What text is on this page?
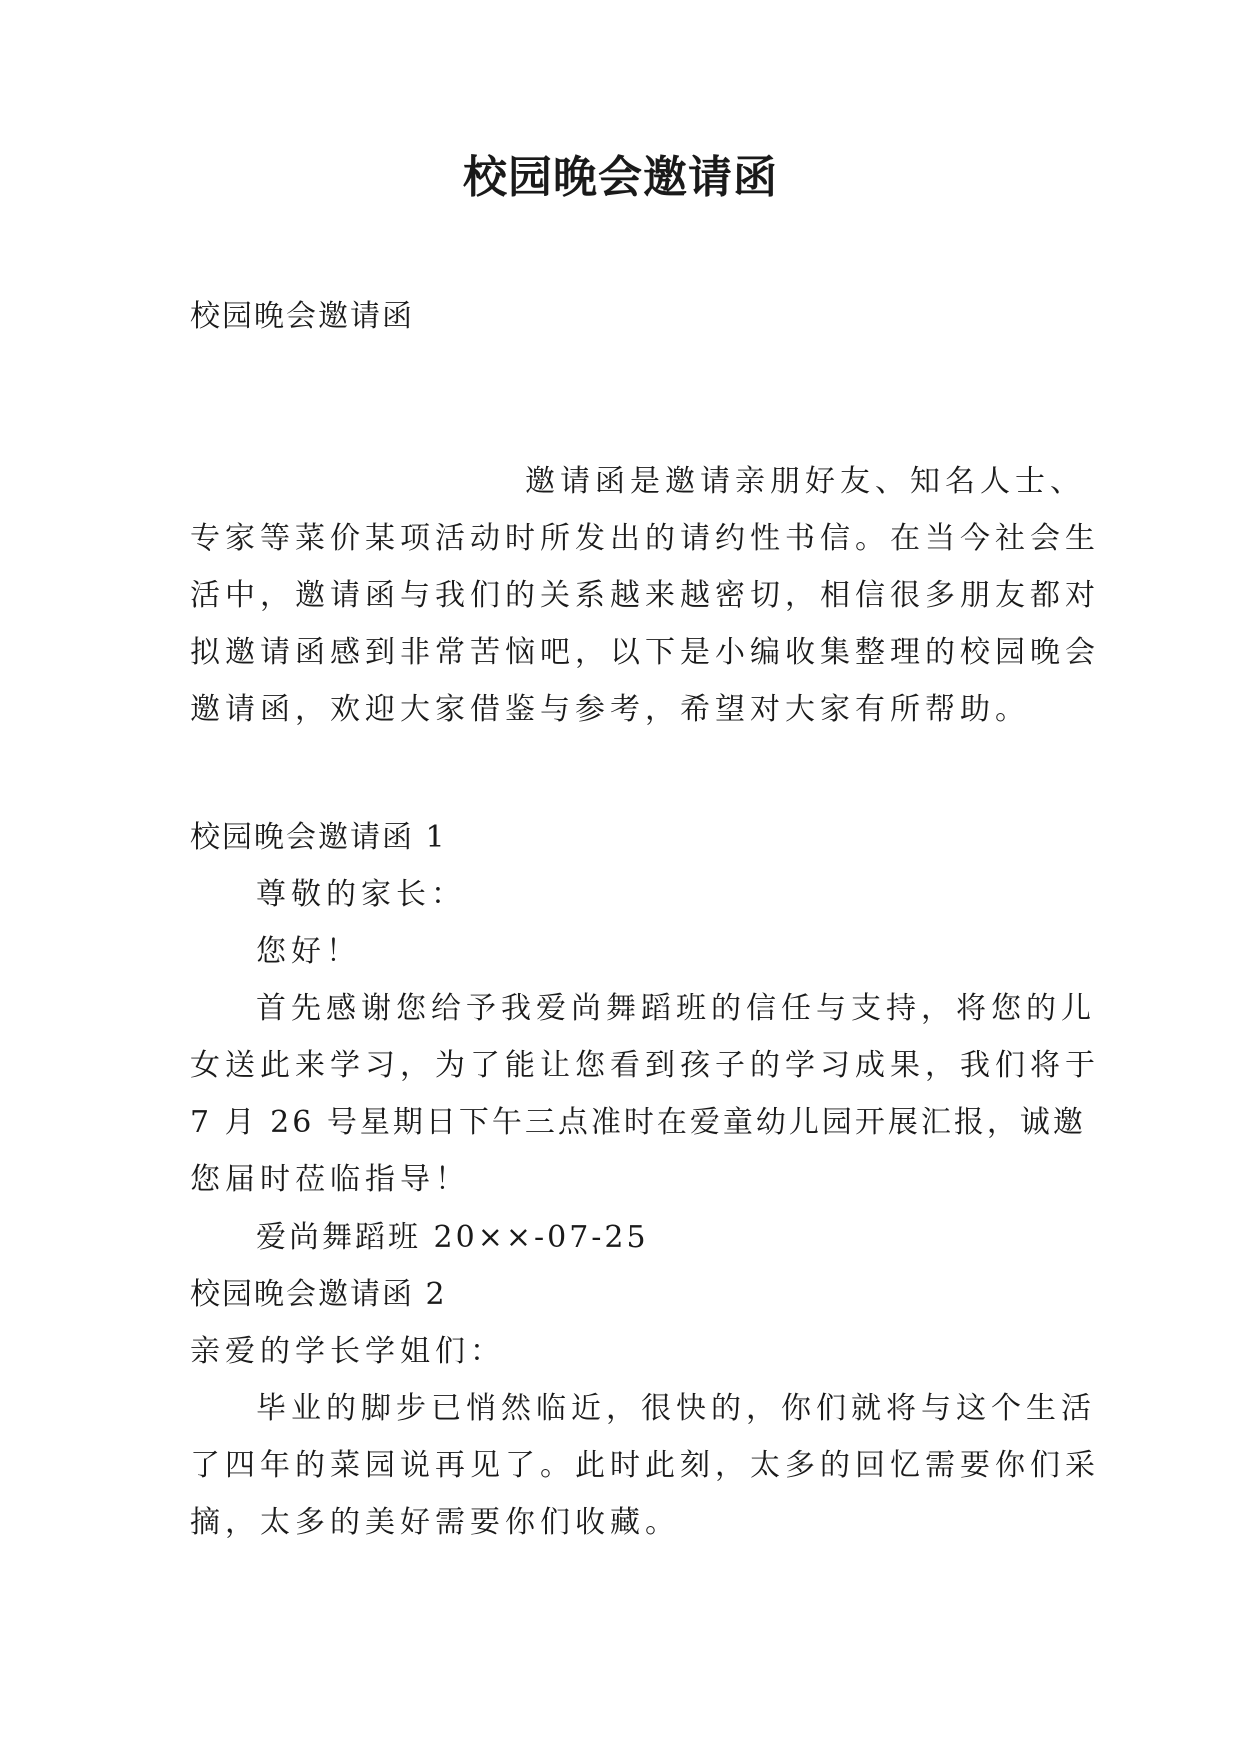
校园晚会邀请函
校园晚会邀请函
邀请函是邀请亲朋好友、知名人士、
专家等菜价某项活动时所发出的请约性书信。在当今社会生
活中，邀请函与我们的关系越来越密切，相信很多朋友都对
拟邀请函感到非常苦恼吧，以下是小编收集整理的校园晚会
邀请函，欢迎大家借鉴与参考，希望对大家有所帮助。
校园晚会邀请函 1
尊敬的家长：
您好！
首先感谢您给予我爱尚舞蹈班的信任与支持，将您的儿
女送此来学习，为了能让您看到孩子的学习成果，我们将于
7 月 26 号星期日下午三点准时在爱童幼儿园开展汇报，诚邀
您届时莅临指导！
爱尚舞蹈班 20××-07-25
校园晚会邀请函 2
亲爱的学长学姐们：
毕业的脚步已悄然临近，很快的，你们就将与这个生活
了四年的菜园说再见了。此时此刻，太多的回忆需要你们采
摘，太多的美好需要你们收藏。
